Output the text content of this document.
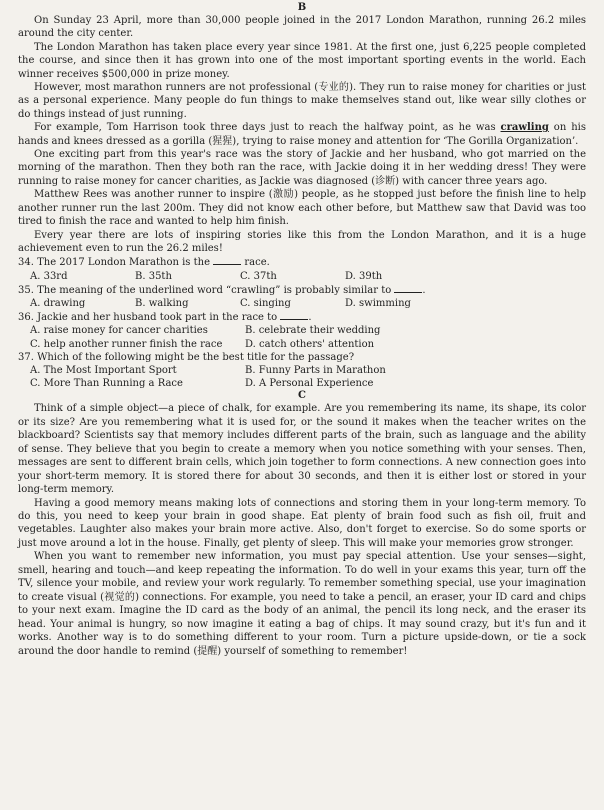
B

On Sunday 23 April, more than 30,000 people joined in the 2017 London Marathon, running 26.2 miles around the city center.

The London Marathon has taken place every year since 1981. At the first one, just 6,225 people completed the course, and since then it has grown into one of the most important sporting events in the world. Each winner receives $500,000 in prize money.

However, most marathon runners are not professional (专业的). They run to raise money for charities or just as a personal experience. Many people do fun things to make themselves stand out, like wear silly clothes or do things instead of just running.

For example, Tom Harrison took three days just to reach the halfway point, as he was crawling on his hands and knees dressed as a gorilla (猩猩), trying to raise money and attention for ‘The Gorilla Organization’.

One exciting part from this year's race was the story of Jackie and her husband, who got married on the morning of the marathon. Then they both ran the race, with Jackie doing it in her wedding dress! They were running to raise money for cancer charities, as Jackie was diagnosed (诊断) with cancer three years ago.

Matthew Rees was another runner to inspire (激励) people, as he stopped just before the finish line to help another runner run the last 200m. They did not know each other before, but Matthew saw that David was too tired to finish the race and wanted to help him finish.

Every year there are lots of inspiring stories like this from the London Marathon, and it is a huge achievement even to run the 26.2 miles!

34. The 2017 London Marathon is the	race.
A. 33rd	B. 35th	C. 37th	D. 39th
35. The meaning of the underlined word “crawling” is probably similar to	.
A. drawing	B. walking	C. singing	D. swimming
36. Jackie and her husband took part in the race to	.
A. raise money for cancer charities	B. celebrate their wedding
C. help another runner finish the race	D. catch others' attention
37. Which of the following might be the best title for the passage?
A. The Most Important Sport	B. Funny Parts in Marathon
C. More Than Running a Race	D. A Personal Experience
C

Think of a simple object—a piece of chalk, for example. Are you remembering its name, its shape, its color or its size? Are you remembering what it is used for, or the sound it makes when the teacher writes on the blackboard? Scientists say that memory includes different parts of the brain, such as language and the ability of sense. They believe that you begin to create a memory when you notice something with your senses. Then, messages are sent to different brain cells, which join together to form connections. A new connection goes into your short-term memory. It is stored there for about 30 seconds, and then it is either lost or stored in your long-term memory.

Having a good memory means making lots of connections and storing them in your long-term memory. To do this, you need to keep your brain in good shape. Eat plenty of brain food such as fish oil, fruit and vegetables. Laughter also makes your brain more active. Also, don't forget to exercise. So do some sports or just move around a lot in the house. Finally, get plenty of sleep. This will make your memories grow stronger.

When you want to remember new information, you must pay special attention. Use your senses—sight, smell, hearing and touch—and keep repeating the information. To do well in your exams this year, turn off the TV, silence your mobile, and review your work regularly. To remember something special, use your imagination to create visual (视觉的) connections. For example, you need to take a pencil, an eraser, your ID card and chips to your next exam. Imagine the ID card as the body of an animal, the pencil its long neck, and the eraser its head. Your animal is hungry, so now imagine it eating a bag of chips. It may sound crazy, but it's fun and it works. Another way is to do something different to your room. Turn a picture upside-down, or tie a sock around the door handle to remind (提醒) yourself of something to remember!
